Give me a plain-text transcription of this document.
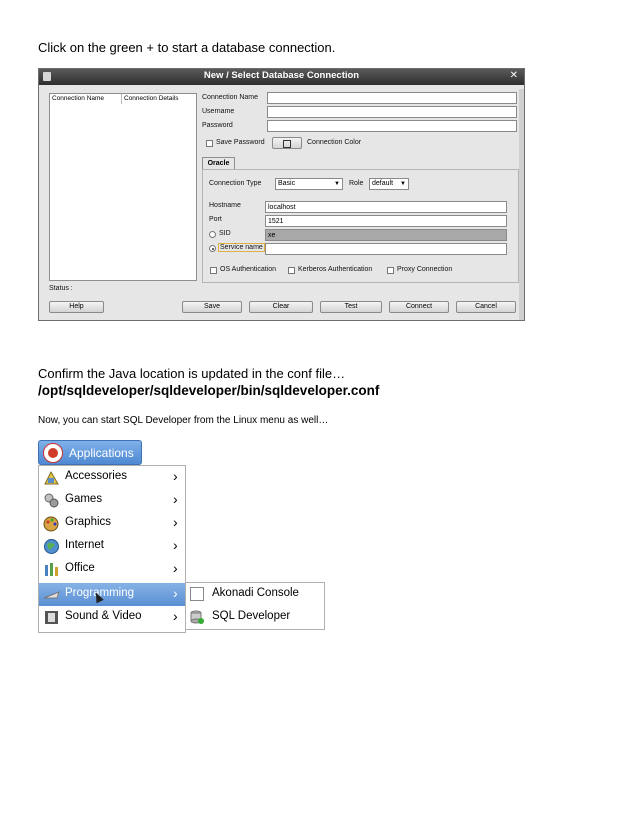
Click on the green + to start a database connection.
New / Select Database Connection	✕
Connection Name	Connection Details	Connection Name
Username
Password
Save Password	Connection Color
Oracle
Connection Type	Basic	▼ Role	default ▼
Hostname	localhost
Port	1521
SID	xe
Service name
OS Authentication	Kerberos Authentication	Proxy Connection
Status :
Help	Save	Clear	Test	Connect	Cancel
Confirm the Java location is updated in the conf file…
/opt/sqldeveloper/sqldeveloper/bin/sqldeveloper.conf
Now, you can start SQL Developer from the Linux menu as well…
Applications
Accessories	›
Games	›
Graphics	›
Internet	›
Office	›
Programming	›
Sound & Video ›
Akonadi Console
SQL Developer
